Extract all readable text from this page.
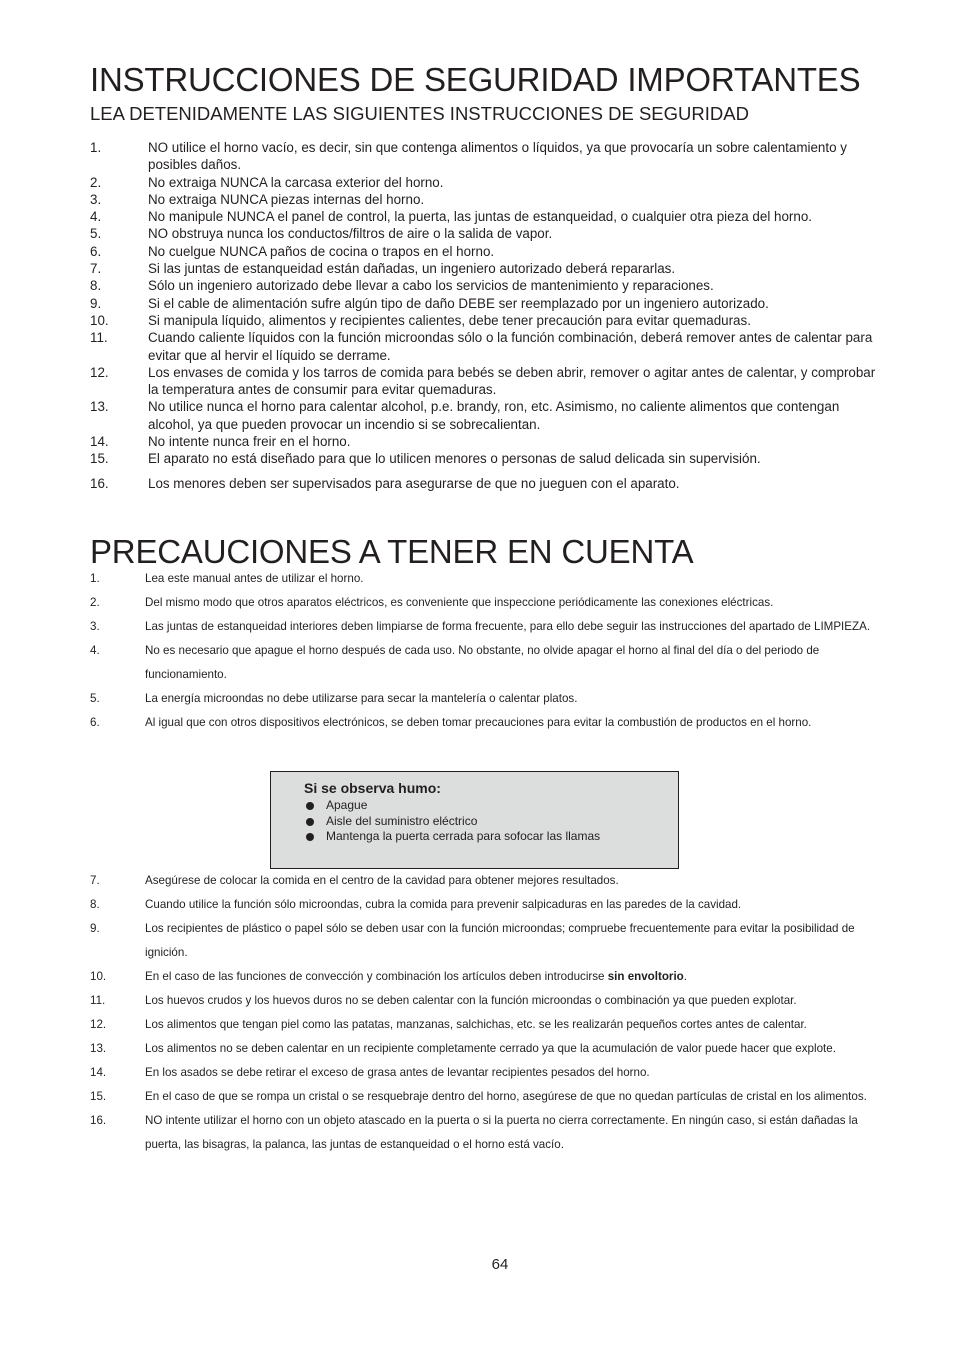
INSTRUCCIONES DE SEGURIDAD IMPORTANTES
LEA DETENIDAMENTE LAS SIGUIENTES INSTRUCCIONES DE SEGURIDAD
1.	NO utilice el horno vacío, es decir, sin que contenga alimentos o líquidos, ya que provocaría un sobre calentamiento y posibles daños.
2.	No extraiga NUNCA la carcasa exterior del horno.
3.	No extraiga NUNCA piezas internas del horno.
4.	No manipule NUNCA el panel de control, la puerta, las juntas de estanqueidad, o cualquier otra pieza del horno.
5.	NO obstruya nunca los conductos/filtros de aire o la salida de vapor.
6.	No cuelgue NUNCA paños de cocina o trapos en el horno.
7.	Si las juntas de estanqueidad están dañadas, un ingeniero autorizado deberá repararlas.
8.	Sólo un ingeniero autorizado debe llevar a cabo los servicios de mantenimiento y reparaciones.
9.	Si el cable de alimentación sufre algún tipo de daño DEBE ser reemplazado por un ingeniero autorizado.
10.	Si manipula líquido, alimentos y recipientes calientes, debe tener precaución para evitar quemaduras.
11.	Cuando caliente líquidos con la función microondas sólo o la función combinación, deberá remover antes de calentar para evitar que al hervir el líquido se derrame.
12.	Los envases de comida y los tarros de comida para bebés se deben abrir, remover o agitar antes de calentar, y comprobar la temperatura antes de consumir para evitar quemaduras.
13.	No utilice nunca el horno para calentar alcohol, p.e. brandy, ron, etc. Asimismo, no caliente alimentos que contengan alcohol, ya que pueden provocar un incendio si se sobrecalientan.
14.	No intente nunca freir en el horno.
15.	El aparato no está diseñado para que lo utilicen menores o personas de salud delicada sin supervisión.
16.	Los menores deben ser supervisados para asegurarse de que no jueguen con el aparato.
PRECAUCIONES A TENER EN CUENTA
1.	Lea este manual antes de utilizar el horno.
2.	Del mismo modo que otros aparatos eléctricos, es conveniente que inspeccione periódicamente las conexiones eléctricas.
3.	Las juntas de estanqueidad interiores deben limpiarse de forma frecuente, para ello debe seguir las instrucciones del apartado de LIMPIEZA.
4.	No es necesario que apague el horno después de cada uso. No obstante, no olvide apagar el horno al final del día o del periodo de funcionamiento.
5.	La energía microondas no debe utilizarse para secar la mantelería o calentar platos.
6.	Al igual que con otros dispositivos electrónicos, se deben tomar precauciones para evitar la combustión de productos en el horno.
Si se observa humo:
Apague
Aisle del suministro eléctrico
Mantenga la puerta cerrada para sofocar las llamas
7.	Asegúrese de colocar la comida en el centro de la cavidad para obtener mejores resultados.
8.	Cuando utilice la función sólo microondas, cubra la comida para prevenir salpicaduras en las paredes de la cavidad.
9.	Los recipientes de plástico o papel sólo se deben usar con la función microondas; compruebe frecuentemente para evitar la posibilidad de ignición.
10.	En el caso de las funciones de convección y combinación los artículos deben introducirse sin envoltorio.
11.	Los huevos crudos y los huevos duros no se deben calentar con la función microondas o combinación ya que pueden explotar.
12.	Los alimentos que tengan piel como las patatas, manzanas, salchichas, etc. se les realizarán pequeños cortes antes de calentar.
13.	Los alimentos no se deben calentar en un recipiente completamente cerrado ya que la acumulación de valor puede hacer que explote.
14.	En los asados se debe retirar el exceso de grasa antes de levantar recipientes pesados del horno.
15.	En el caso de que se rompa un cristal o se resquebraje dentro del horno, asegúrese de que no quedan partículas de cristal en los alimentos.
16.	NO intente utilizar el horno con un objeto atascado en la puerta o si la puerta no cierra correctamente. En ningún caso, si están dañadas la puerta, las bisagras, la palanca, las juntas de estanqueidad o el horno está vacío.
64
